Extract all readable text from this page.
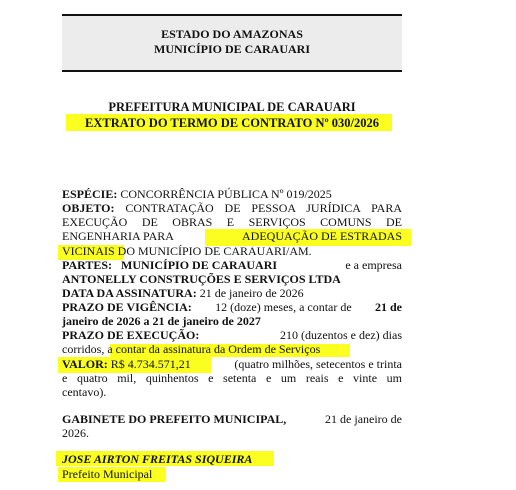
ESTADO DO AMAZONAS
MUNICÍPIO DE CARAUARI
PREFEITURA MUNICIPAL DE CARAUARI
EXTRATO DO TERMO DE CONTRATO Nº 030/2026
ESPÉCIE: CONCORRÊNCIA PÚBLICA Nº 019/2025
OBJETO: CONTRATAÇÃO DE PESSOA JURÍDICA PARA
EXECUÇÃO DE OBRAS E SERVIÇOS COMUNS DE
ENGENHARIA PARA	ADEQUAÇÃO DE ESTRADAS
VICINAIS DO MUNICÍPIO DE CARAUARI/AM.
PARTES: MUNICÍPIO DE CARAUARI	e a empresa
ANTONELLY CONSTRUÇÕES E SERVIÇOS LTDA
DATA DA ASSINATURA: 21 de janeiro de 2026
PRAZO DE VIGÊNCIA: 12 (doze) meses, a contar de 21 de
janeiro de 2026 a 21 de janeiro de 2027
PRAZO DE EXECUÇÃO:	210 (duzentos e dez) dias
corridos, a contar da assinatura da Ordem de Serviços
VALOR: R$ 4.734.571,21	(quatro milhões, setecentos e trinta
e quatro mil, quinhentos e setenta e um reais e vinte um
centavo).
GABINETE DO PREFEITO MUNICIPAL,	21 de janeiro de
2026.
JOSE AIRTON FREITAS SIQUEIRA
Prefeito Municipal
